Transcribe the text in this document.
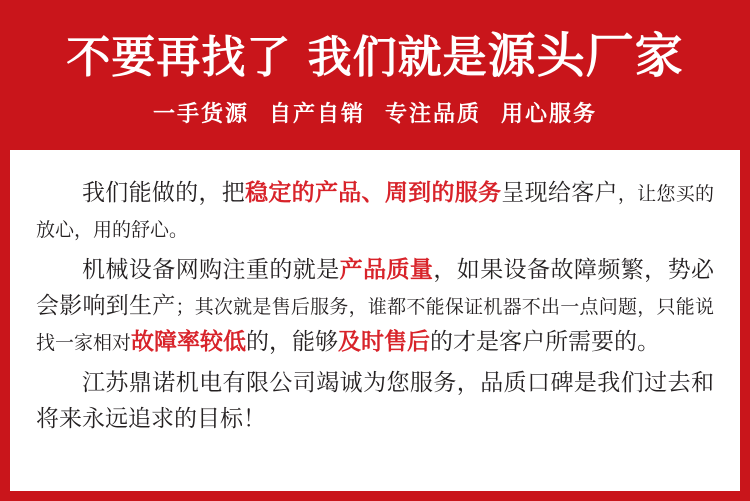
不要再找了 我们就是源头厂家
一手货源 自产自销 专注品质 用心服务

我们能做的，把稳定的产品、周到的服务呈现给客户，让您买的放心，用的舒心。

机械设备网购注重的就是产品质量，如果设备故障频繁，势必会影响到生产；其次就是售后服务，谁都不能保证机器不出一点问题，只能说找一家相对故障率较低的，能够及时售后的才是客户所需要的。

江苏鼎诺机电有限公司竭诚为您服务，品质口碑是我们过去和将来永远追求的目标！
